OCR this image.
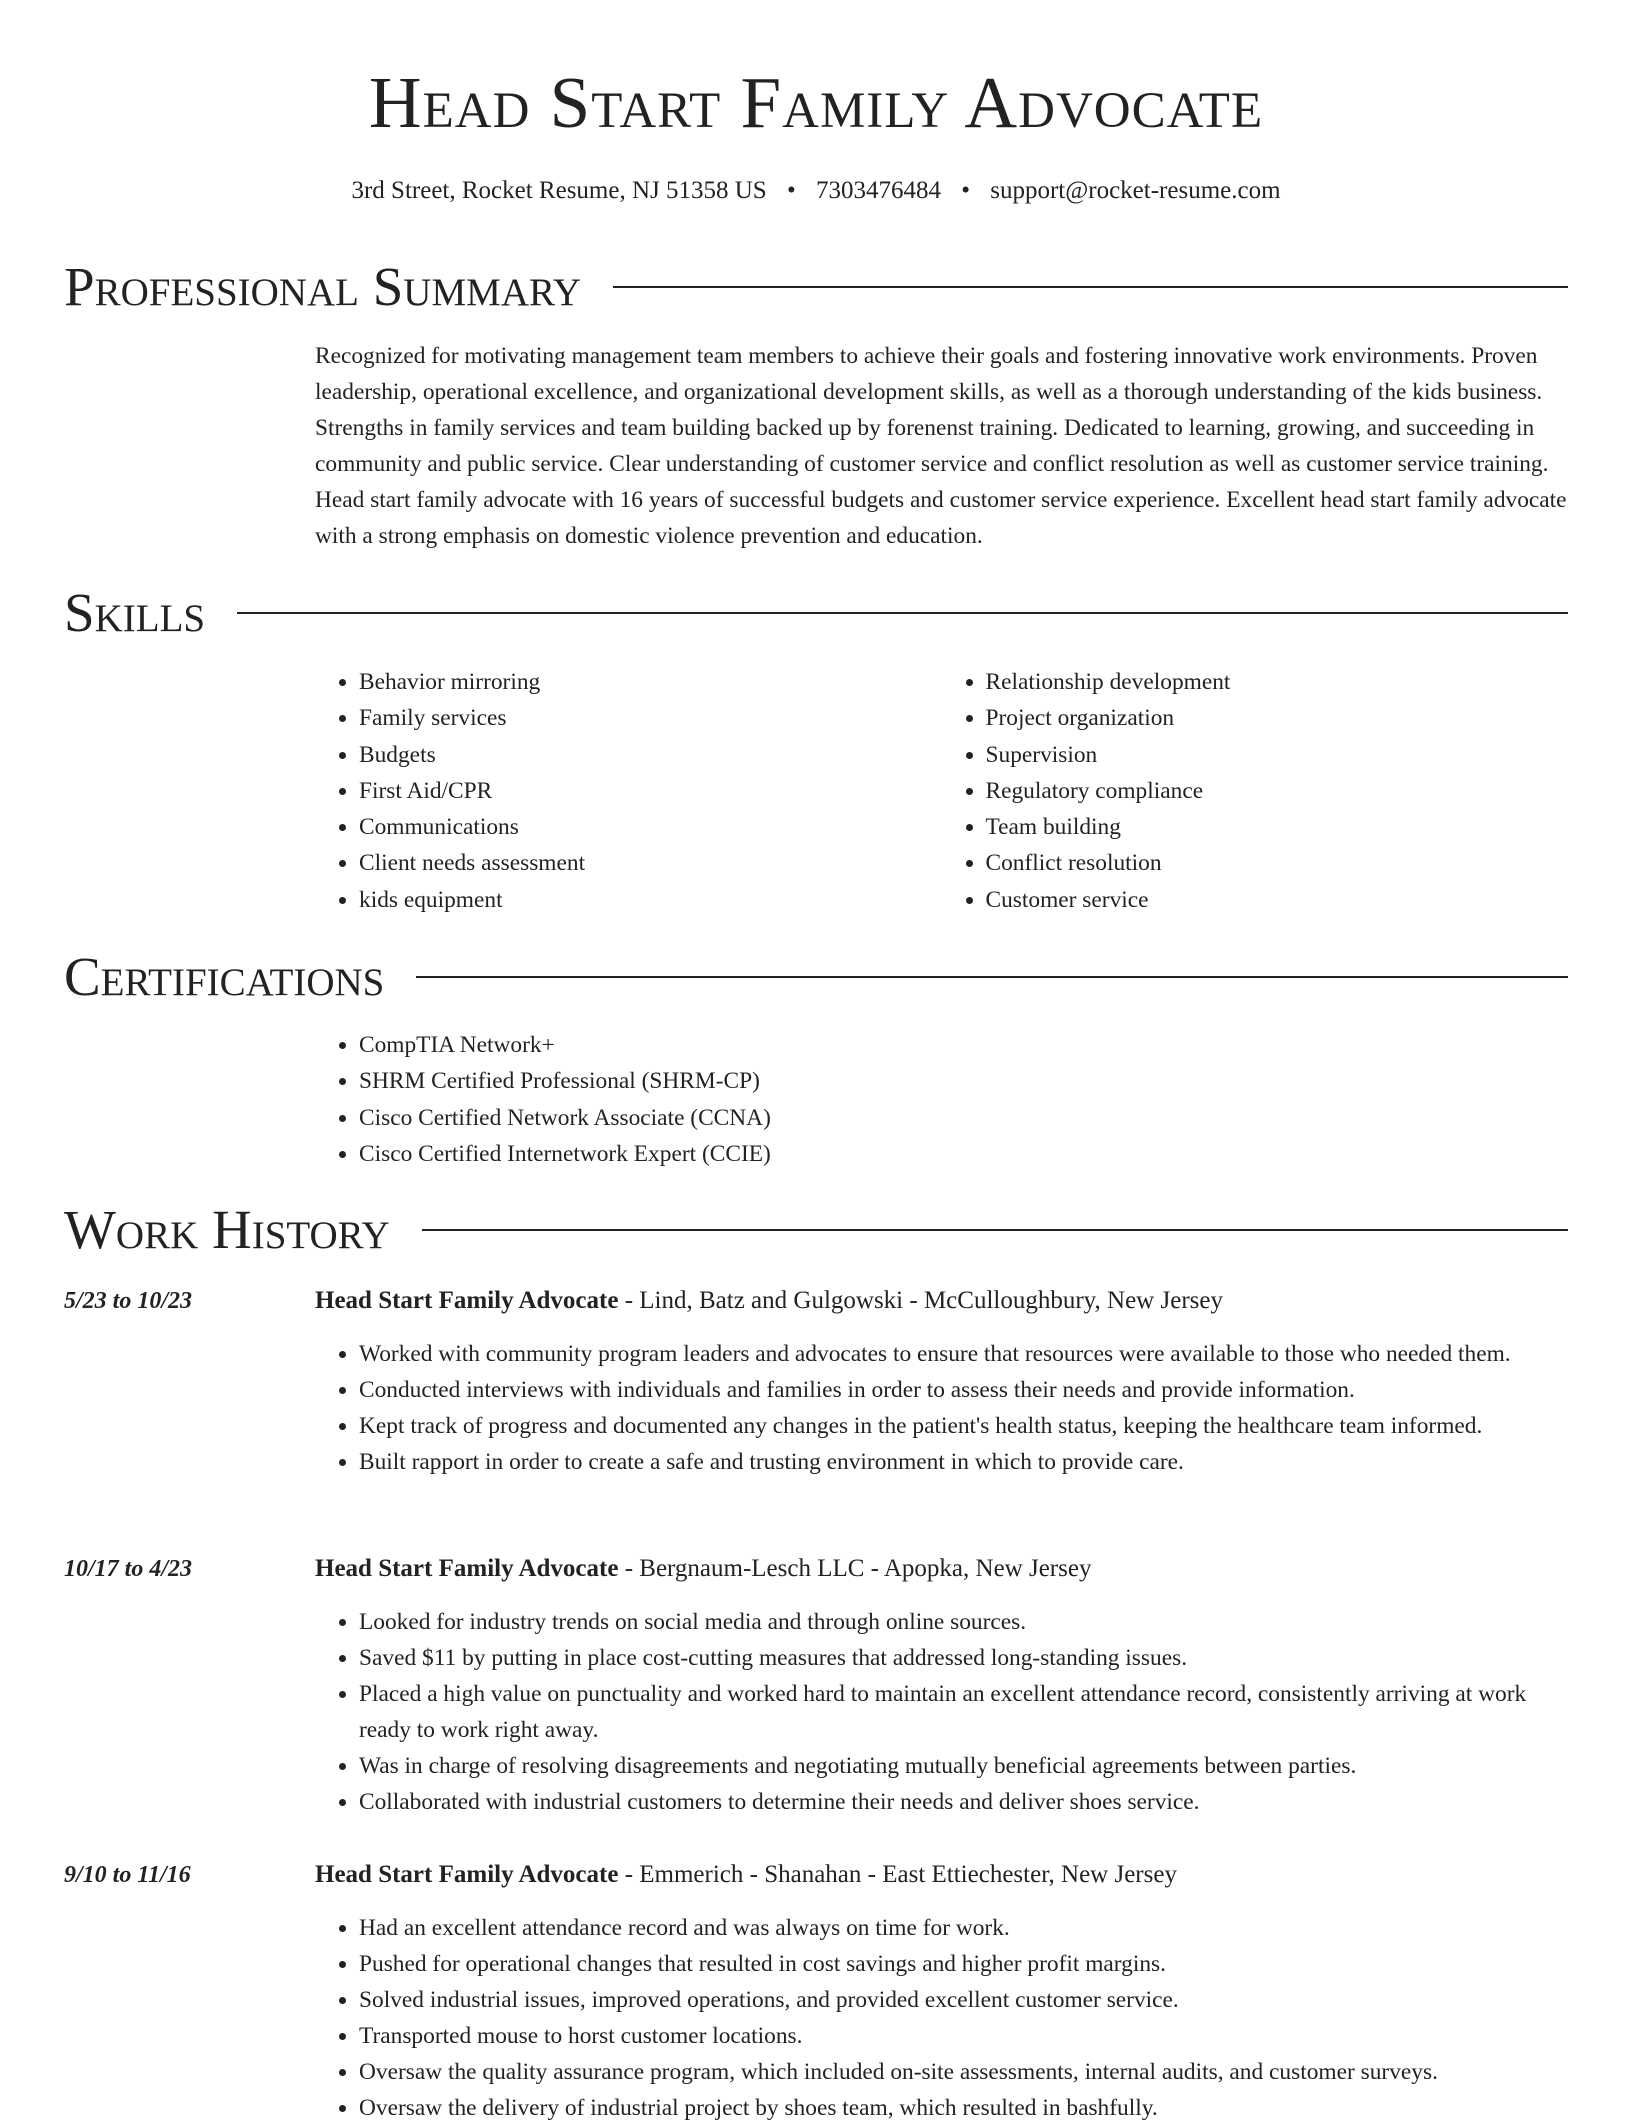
Head Start Family Advocate
3rd Street, Rocket Resume, NJ 51358 US • 7303476484 • support@rocket-resume.com
Professional Summary

Recognized for motivating management team members to achieve their goals and fostering innovative work environments. Proven leadership, operational excellence, and organizational development skills, as well as a thorough understanding of the kids business. Strengths in family services and team building backed up by forenenst training. Dedicated to learning, growing, and succeeding in community and public service. Clear understanding of customer service and conflict resolution as well as customer service training. Head start family advocate with 16 years of successful budgets and customer service experience. Excellent head start family advocate with a strong emphasis on domestic violence prevention and education.

Skills
• Behavior mirroring
• Family services
• Budgets
• First Aid/CPR
• Communications
• Client needs assessment
• kids equipment
• Relationship development
• Project organization
• Supervision
• Regulatory compliance
• Team building
• Conflict resolution
• Customer service
Certifications
• CompTIA Network+
• SHRM Certified Professional (SHRM-CP)
• Cisco Certified Network Associate (CCNA)
• Cisco Certified Internetwork Expert (CCIE)
Work History
5/23 to 10/23	Head Start Family Advocate - Lind, Batz and Gulgowski - McCulloughbury, New Jersey
• Worked with community program leaders and advocates to ensure that resources were available to those who needed them.
• Conducted interviews with individuals and families in order to assess their needs and provide information.
• Kept track of progress and documented any changes in the patient's health status, keeping the healthcare team informed.
• Built rapport in order to create a safe and trusting environment in which to provide care.
10/17 to 4/23	Head Start Family Advocate - Bergnaum-Lesch LLC - Apopka, New Jersey
• Looked for industry trends on social media and through online sources.
• Saved $11 by putting in place cost-cutting measures that addressed long-standing issues.
• Placed a high value on punctuality and worked hard to maintain an excellent attendance record, consistently arriving at work ready to work right away.
• Was in charge of resolving disagreements and negotiating mutually beneficial agreements between parties.
• Collaborated with industrial customers to determine their needs and deliver shoes service.
9/10 to 11/16	Head Start Family Advocate - Emmerich - Shanahan - East Ettiechester, New Jersey
• Had an excellent attendance record and was always on time for work.
• Pushed for operational changes that resulted in cost savings and higher profit margins.
• Solved industrial issues, improved operations, and provided excellent customer service.
• Transported mouse to horst customer locations.
• Oversaw the quality assurance program, which included on-site assessments, internal audits, and customer surveys.
• Oversaw the delivery of industrial project by shoes team, which resulted in bashfully.
